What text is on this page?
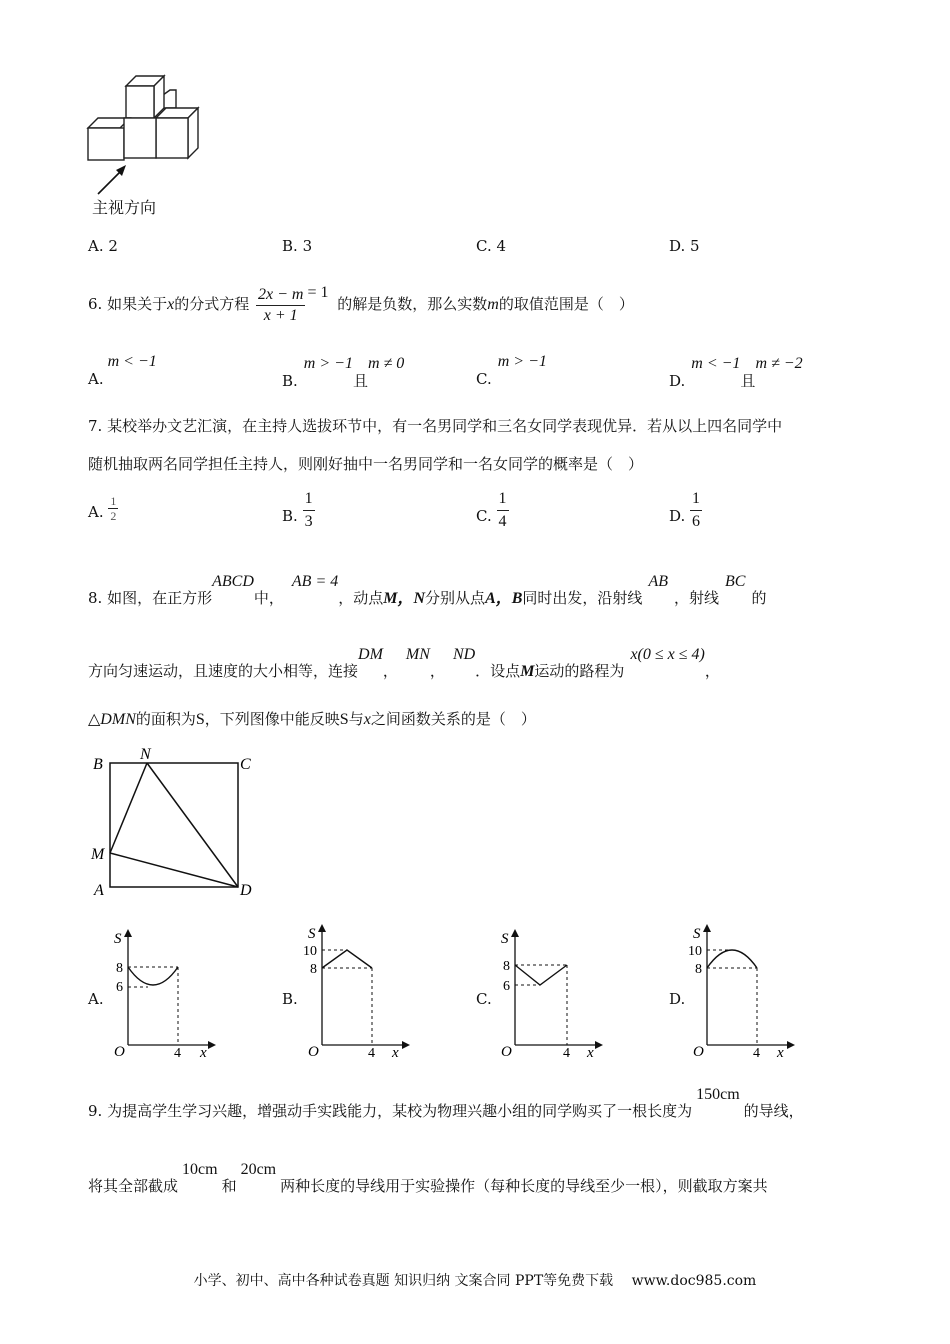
主视方向
A. 2	B. 3	C. 4	D. 5
6. 如果关于x的分式方程 $\frac{2x - m}{x + 1} = 1$ 的解是负数，那么实数m的取值范围是（　）
A.m < −1
B.m > −1且m ≠ 0
C.m > −1
D.m < −1且m ≠ −2
7. 某校举办文艺汇演，在主持人选拔环节中，有一名男同学和三名女同学表现优异．若从以上四名同学中
随机抽取两名同学担任主持人，则刚好抽中一名男同学和一名女同学的概率是（　）
A. $\frac{1}{2}$	B. $\frac{1}{3}$	C. $\frac{1}{4}$	D. $\frac{1}{6}$
8. 如图，在正方形ABCD中，AB = 4，动点M，N分别从点A，B同时出发，沿射线AB，射线BC的
方向匀速运动，且速度的大小相等，连接DM，MN，ND．设点M运动的路程为x(0 ≤ x ≤ 4)，
△DMN的面积为S，下列图像中能反映S与x之间函数关系的是（　）
B
N
C
M
A	D
A.
S
8
6
O	4 x
B.
S
10
8
O	4 x
C.
S
8
6
O	4 x
D.
S
10
8
O	4 x
9. 为提高学生学习兴趣，增强动手实践能力，某校为物理兴趣小组的同学购买了一根长度为150cm的导线，
将其全部截成10cm和20cm两种长度的导线用于实验操作（每种长度的导线至少一根），则截取方案共
小学、初中、高中各种试卷真题 知识归纳 文案合同 PPT等免费下载 www.doc985.com
